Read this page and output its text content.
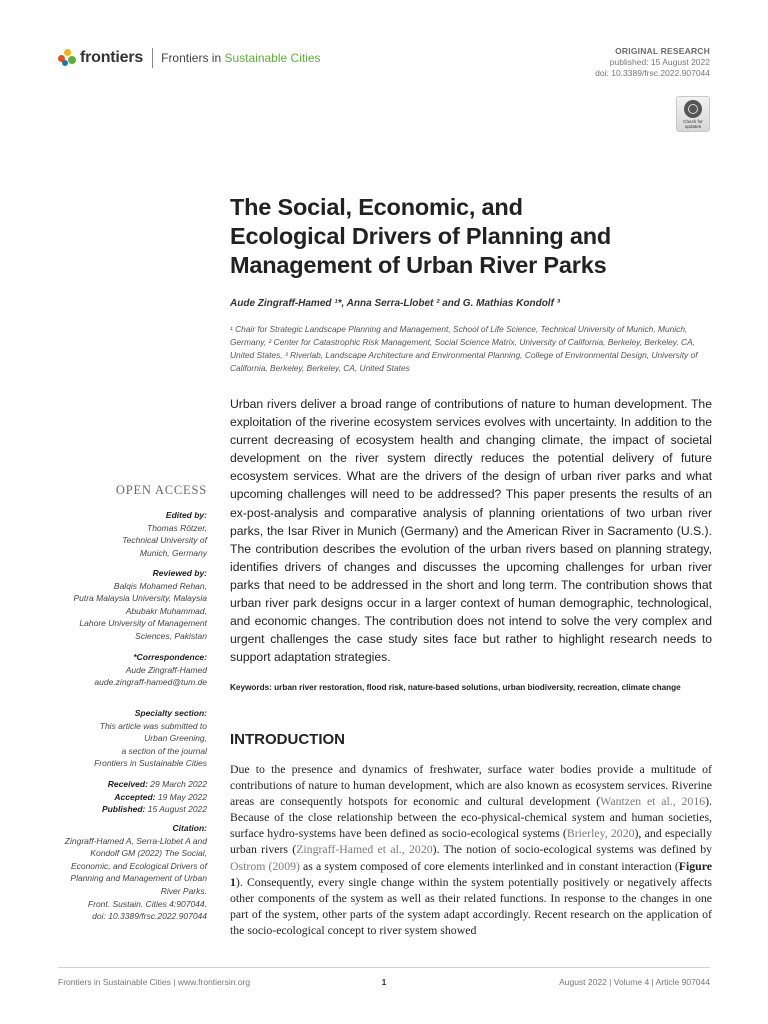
frontiers Frontiers in Sustainable Cities	ORIGINAL RESEARCH
published: 15 August 2022
doi: 10.3389/frsc.2022.907044
Check for
updates
The Social, Economic, and
Ecological Drivers of Planning and
Management of Urban River Parks
Aude Zingraff-Hamed ¹*, Anna Serra-Llobet ² and G. Mathias Kondolf ³
¹ Chair for Strategic Landscape Planning and Management, School of Life Science, Technical University of Munich, Munich, Germany, ² Center for Catastrophic Risk Management, Social Science Matrix, University of California, Berkeley, Berkeley, CA, United States, ³ Riverlab, Landscape Architecture and Environmental Planning, College of Environmental Design, University of California, Berkeley, Berkeley, CA, United States
Urban rivers deliver a broad range of contributions of nature to human development. The exploitation of the riverine ecosystem services evolves with uncertainty. In addition to the current decreasing of ecosystem health and changing climate, the impact of societal development on the river system directly reduces the potential delivery of future ecosystem services. What are the drivers of the design of urban river parks and what upcoming challenges will need to be addressed? This paper presents the results of an ex-post-analysis and comparative analysis of planning orientations of two urban river parks, the Isar River in Munich (Germany) and the American River in Sacramento (U.S.). The contribution describes the evolution of the urban rivers based on planning strategy, identifies drivers of changes and discusses the upcoming challenges for urban river parks that need to be addressed in the short and long term. The contribution shows that urban river park designs occur in a larger context of human demographic, technological, and economic changes. The contribution does not intend to solve the very complex and urgent challenges the case study sites face but rather to highlight research needs to support adaptation strategies.
Keywords: urban river restoration, flood risk, nature-based solutions, urban biodiversity, recreation, climate change
INTRODUCTION
Due to the presence and dynamics of freshwater, surface water bodies provide a multitude of contributions of nature to human development, which are also known as ecosystem services. Riverine areas are consequently hotspots for economic and cultural development (Wantzen et al., 2016). Because of the close relationship between the eco-physical-chemical system and human societies, surface hydro-systems have been defined as socio-ecological systems (Brierley, 2020), and especially urban rivers (Zingraff-Hamed et al., 2020). The notion of socio-ecological systems was defined by Ostrom (2009) as a system composed of core elements interlinked and in constant interaction (Figure 1). Consequently, every single change within the system potentially positively or negatively affects other components of the system as well as their related functions. In response to the changes in one part of the system, other parts of the system adapt accordingly. Recent research on the application of the socio-ecological concept to river system showed
OPEN ACCESS
Edited by:
Thomas Rötzer,
Technical University of
Munich, Germany
Reviewed by:
Balqis Mohamed Rehan,
Putra Malaysia University, Malaysia
Abubakr Muhammad,
Lahore University of Management
Sciences, Pakistan
*Correspondence:
Aude Zingraff-Hamed
aude.zingraff-hamed@tum.de
Specialty section:
This article was submitted to
Urban Greening,
a section of the journal
Frontiers in Sustainable Cities
Received: 29 March 2022
Accepted: 19 May 2022
Published: 15 August 2022
Citation:
Zingraff-Hamed A, Serra-Llobet A and
Kondolf GM (2022) The Social,
Economic, and Ecological Drivers of
Planning and Management of Urban
River Parks.
Front. Sustain. Cities 4:907044.
doi: 10.3389/frsc.2022.907044
Frontiers in Sustainable Cities | www.frontiersin.org	1	August 2022 | Volume 4 | Article 907044
